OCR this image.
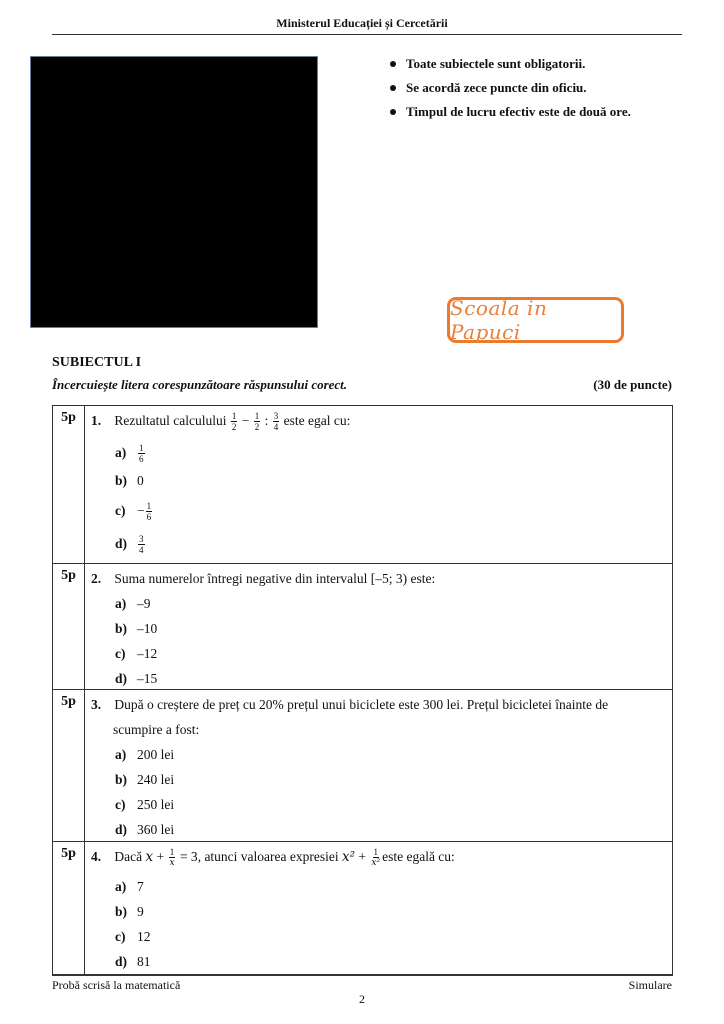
Ministerul Educației și Cercetării
Toate subiectele sunt obligatorii.
Se acordă zece puncte din oficiu.
Timpul de lucru efectiv este de două ore.
Scoala in Papuci
SUBIECTUL I
Încercuiește litera corespunzătoare răspunsului corect.	(30 de puncte)
5p	1. Rezultatul calculului $\frac{1}{2} - \frac{1}{2}$ : $\frac{3}{4}$ este egal cu:
a)	$\frac{1}{6}$
b) 0
$c) - \frac{1}{6}$
d)	$\frac{3}{4}$
5p	2. Suma numerelor întregi negative din intervalul [–5; 3) este:
a) –9
b) –10
c) –12
d) –15
5p	3. După o creștere de preț cu 20% prețul unui biciclete este 300 lei. Prețul bicicletei înainte de
scumpire a fost:
a) 200 lei
b) 240 lei
c) 250 lei
d) 360 lei
5p	4. Dacă $x + \frac{1}{x} = 3$, atunci valoarea expresiei $x^2 + \frac{1}{\text{x²}}$ este egală cu:
a) 7
b) 9
c) 12
d) 81
Probă scrisă la matematică	Simulare
2
